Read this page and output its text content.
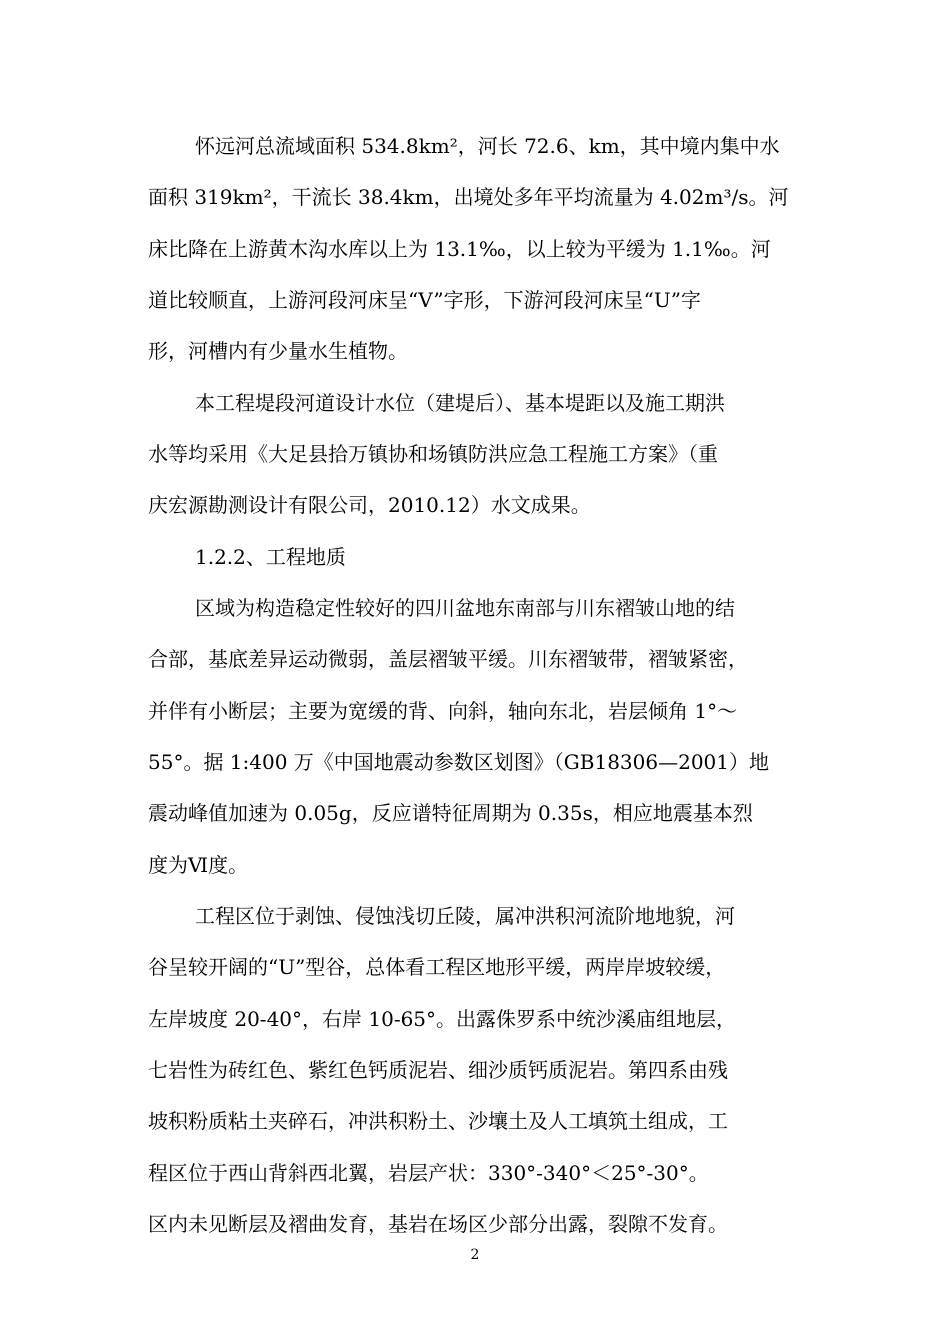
怀远河总流域面积 534.8km²，河长 72.6、km，其中境内集中水
面积 319km²，干流长 38.4km，出境处多年平均流量为 4.02m³/s。河
床比降在上游黄木沟水库以上为 13.1‰，以上较为平缓为 1.1‰。河
道比较顺直，上游河段河床呈“V”字形，下游河段河床呈“U”字
形，河槽内有少量水生植物。
本工程堤段河道设计水位（建堤后）、基本堤距以及施工期洪
水等均采用《大足县拾万镇协和场镇防洪应急工程施工方案》（重
庆宏源勘测设计有限公司，2010.12）水文成果。
1.2.2、工程地质
区域为构造稳定性较好的四川盆地东南部与川东褶皱山地的结
合部，基底差异运动微弱，盖层褶皱平缓。川东褶皱带，褶皱紧密，
并伴有小断层；主要为宽缓的背、向斜，轴向东北，岩层倾角 1°～
55°。据 1:400 万《中国地震动参数区划图》（GB18306—2001）地
震动峰值加速为 0.05g，反应谱特征周期为 0.35s，相应地震基本烈
度为Ⅵ度。
工程区位于剥蚀、侵蚀浅切丘陵，属冲洪积河流阶地地貌，河
谷呈较开阔的“U”型谷，总体看工程区地形平缓，两岸岸坡较缓，
左岸坡度 20-40°，右岸 10-65°。出露侏罗系中统沙溪庙组地层，
七岩性为砖红色、紫红色钙质泥岩、细沙质钙质泥岩。第四系由残
坡积粉质粘土夹碎石，冲洪积粉土、沙壤土及人工填筑土组成，工
程区位于西山背斜西北翼，岩层产状：330°-340°＜25°-30°。
区内未见断层及褶曲发育，基岩在场区少部分出露，裂隙不发育。
2
